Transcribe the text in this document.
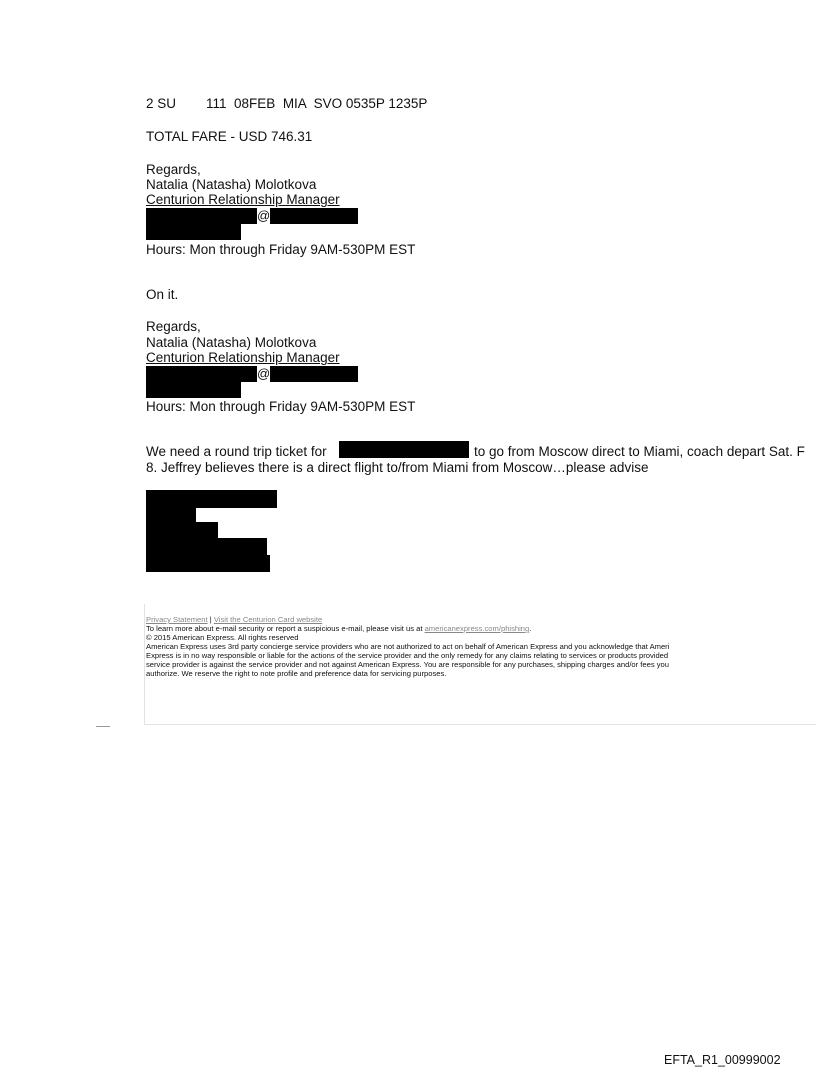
2 SU        111  08FEB  MIA  SVO 0535P 1235P
TOTAL FARE - USD 746.31
Regards,
Natalia (Natasha) Molotkova
Centurion Relationship Manager
@
Hours: Mon through Friday 9AM-530PM EST
On it.
Regards,
Natalia (Natasha) Molotkova
Centurion Relationship Manager
@
Hours: Mon through Friday 9AM-530PM EST
We need a round trip ticket for	to go from Moscow direct to Miami, coach depart Sat. F
8. Jeffrey believes there is a direct flight to/from Miami from Moscow…please advise
Privacy Statement | Visit the Centurion Card website
To learn more about e-mail security or report a suspicious e-mail, please visit us at americanexpress.com/phishing.
© 2015 American Express. All rights reserved
American Express uses 3rd party concierge service providers who are not authorized to act on behalf of American Express and you acknowledge that Ameri
Express is in no way responsible or liable for the actions of the service provider and the only remedy for any claims relating to services or products provided
service provider is against the service provider and not against American Express. You are responsible for any purchases, shipping charges and/or fees you
authorize. We reserve the right to note profile and preference data for servicing purposes.
EFTA_R1_00999002
